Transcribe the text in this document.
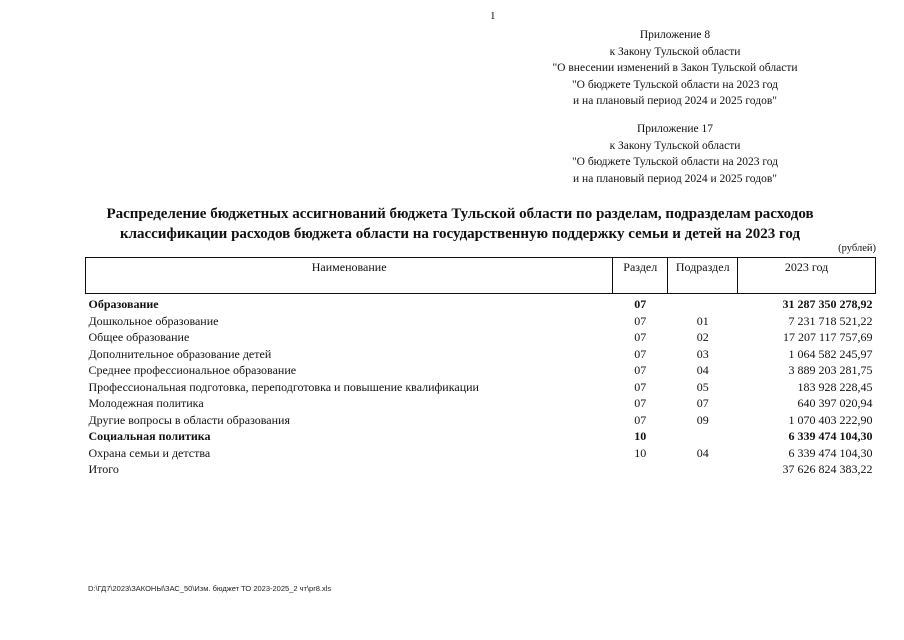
1
Приложение 8
к Закону Тульской области
"О внесении изменений в Закон Тульской области
"О бюджете Тульской области на 2023 год
и на плановый период 2024 и 2025 годов"
Приложение 17
к Закону Тульской области
"О бюджете Тульской области на 2023 год
и на плановый период 2024 и 2025 годов"
Распределение бюджетных ассигнований бюджета Тульской области по разделам, подразделам расходов
классификации расходов бюджета области на государственную поддержку семьи и детей на 2023 год
(рублей)
Наименование	Раздел	Подраздел	2023 год
Образование	07		31 287 350 278,92
Дошкольное образование	07	01	7 231 718 521,22
Общее образование	07	02	17 207 117 757,69
Дополнительное образование детей	07	03	1 064 582 245,97
Среднее профессиональное образование	07	04	3 889 203 281,75
Профессиональная подготовка, переподготовка и повышение квалификации	07	05	183 928 228,45
Молодежная политика	07	07	640 397 020,94
Другие вопросы в области образования	07	09	1 070 403 222,90
Социальная политика	10		6 339 474 104,30
Охрана семьи и детства	10	04	6 339 474 104,30
Итого			37 626 824 383,22
D:\ГД7\2023\ЗАКОНЫ\ЗАС_50\Изм. бюджет ТО 2023-2025_2 чт\pr8.xls
